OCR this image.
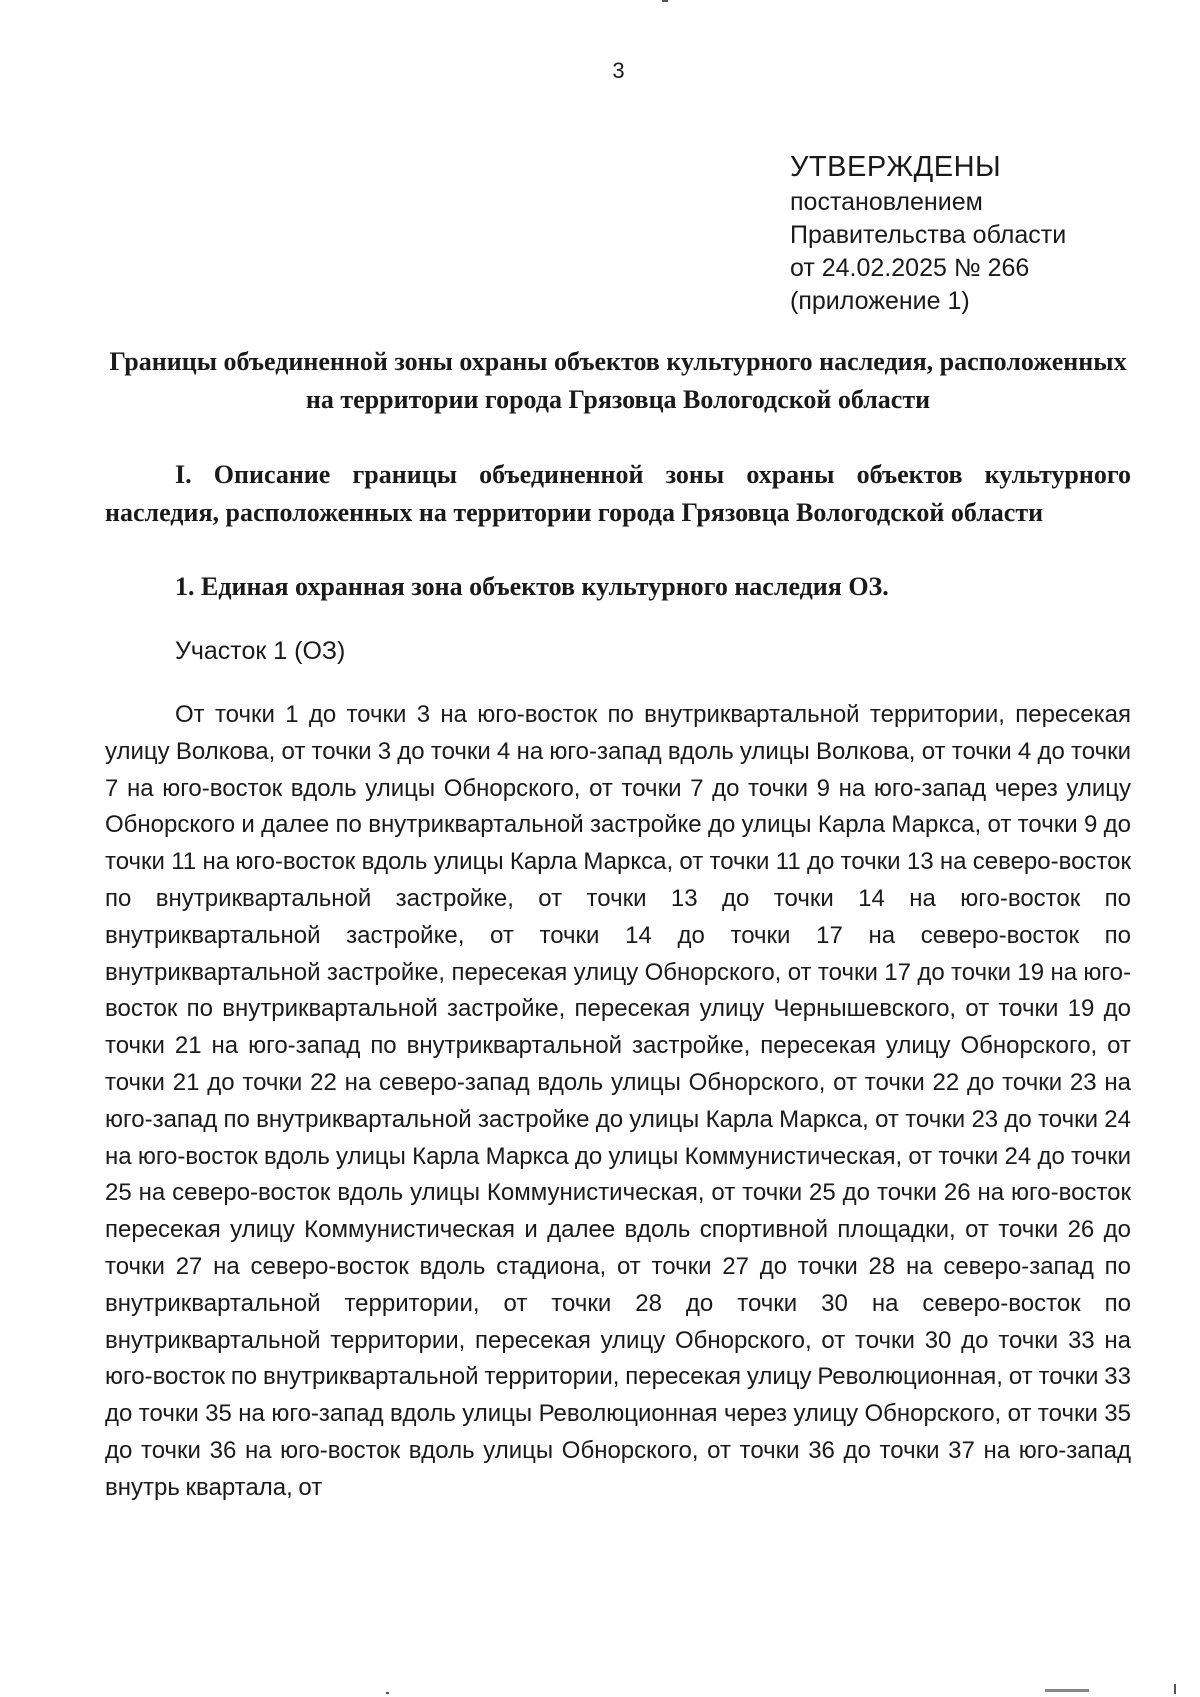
3
УТВЕРЖДЕНЫ
постановлением
Правительства области
от 24.02.2025 № 266
(приложение 1)
Границы объединенной зоны охраны объектов культурного наследия, расположенных на территории города Грязовца Вологодской области
I. Описание границы объединенной зоны охраны объектов культурного наследия, расположенных на территории города Грязовца Вологодской области
1. Единая охранная зона объектов культурного наследия ОЗ.
Участок 1 (ОЗ)
От точки 1 до точки 3 на юго-восток по внутриквартальной территории, пересекая улицу Волкова, от точки 3 до точки 4 на юго-запад вдоль улицы Волкова, от точки 4 до точки 7 на юго-восток вдоль улицы Обнорского, от точки 7 до точки 9 на юго-запад через улицу Обнорского и далее по внутриквартальной застройке до улицы Карла Маркса, от точки 9 до точки 11 на юго-восток вдоль улицы Карла Маркса, от точки 11 до точки 13 на северо-восток по внутриквартальной застройке, от точки 13 до точки 14 на юго-восток по внутриквартальной застройке, от точки 14 до точки 17 на северо-восток по внутриквартальной застройке, пересекая улицу Обнорского, от точки 17 до точки 19 на юго-восток по внутриквартальной застройке, пересекая улицу Чернышевского, от точки 19 до точки 21 на юго-запад по внутриквартальной застройке, пересекая улицу Обнорского, от точки 21 до точки 22 на северо-запад вдоль улицы Обнорского, от точки 22 до точки 23 на юго-запад по внутриквартальной застройке до улицы Карла Маркса, от точки 23 до точки 24 на юго-восток вдоль улицы Карла Маркса до улицы Коммунистическая, от точки 24 до точки 25 на северо-восток вдоль улицы Коммунистическая, от точки 25 до точки 26 на юго-восток пересекая улицу Коммунистическая и далее вдоль спортивной площадки, от точки 26 до точки 27 на северо-восток вдоль стадиона, от точки 27 до точки 28 на северо-запад по внутриквартальной территории, от точки 28 до точки 30 на северо-восток по внутриквартальной территории, пересекая улицу Обнорского, от точки 30 до точки 33 на юго-восток по внутриквартальной территории, пересекая улицу Революционная, от точки 33 до точки 35 на юго-запад вдоль улицы Революционная через улицу Обнорского, от точки 35 до точки 36 на юго-восток вдоль улицы Обнорского, от точки 36 до точки 37 на юго-запад внутрь квартала, от
